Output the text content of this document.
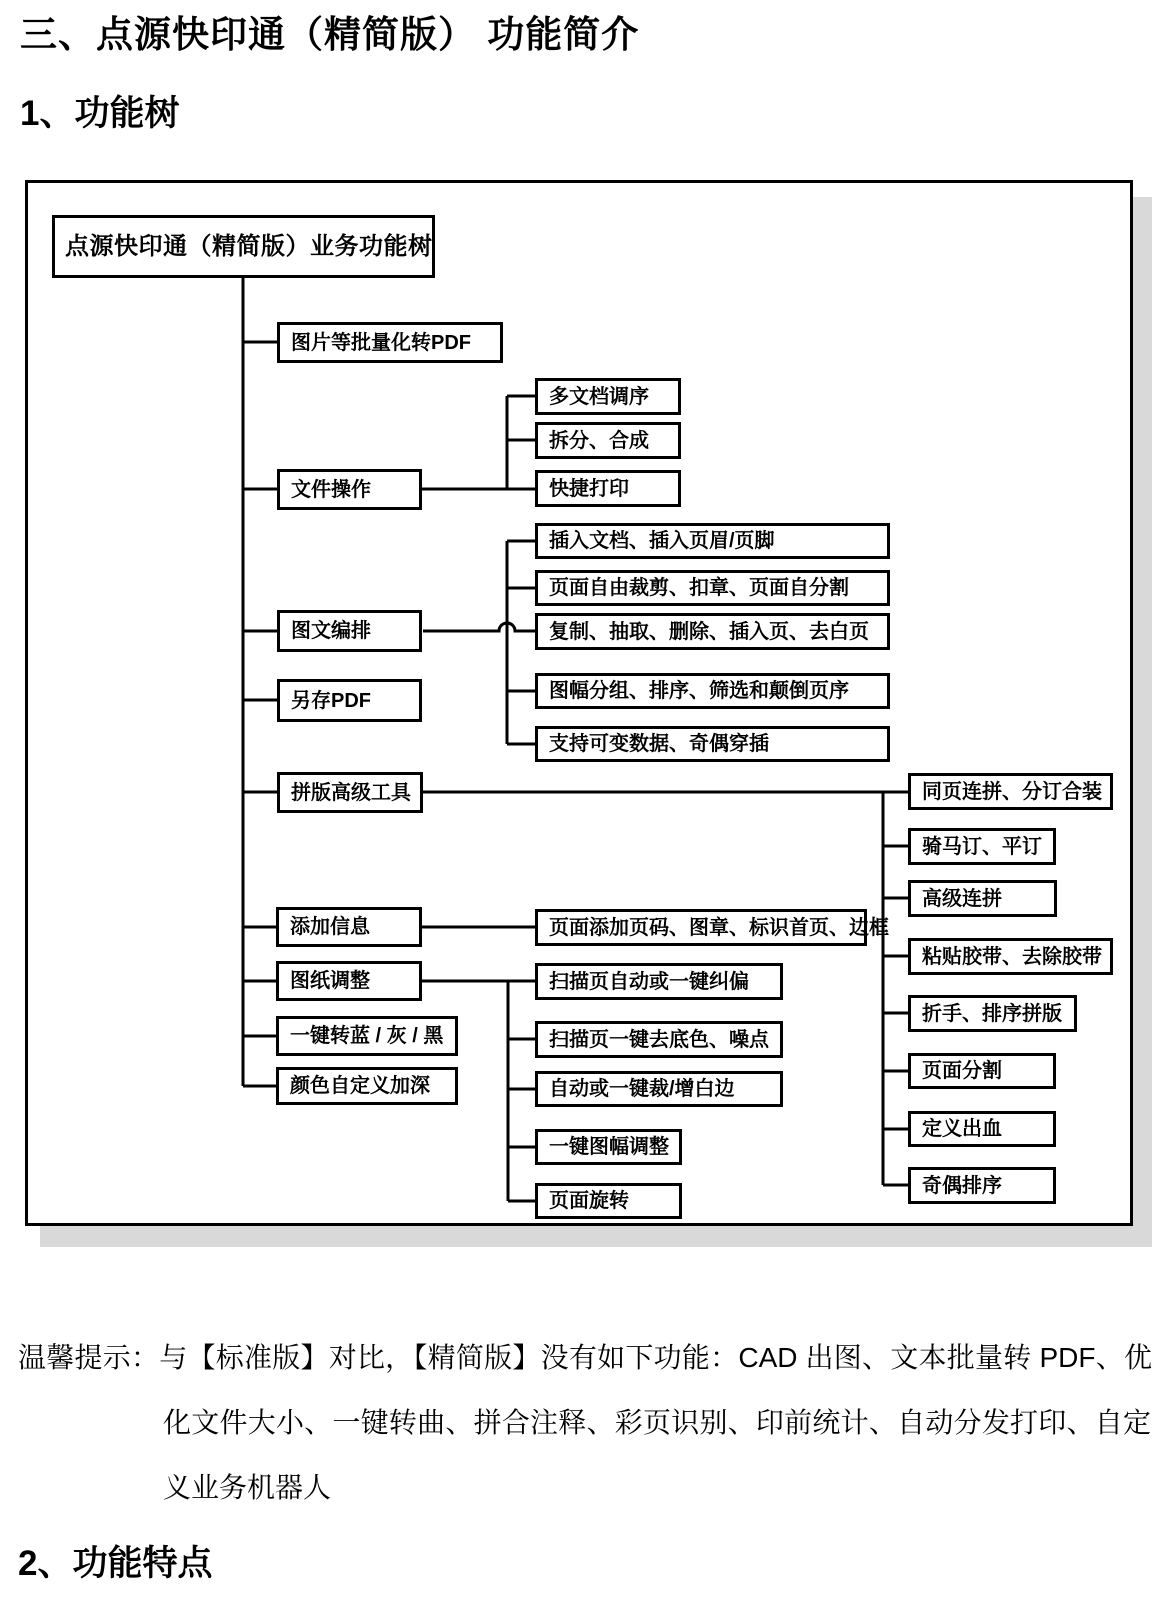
三、点源快印通（精简版） 功能简介
1、功能树
点源快印通（精简版）业务功能树
图片等批量化转PDF
文件操作
图文编排
另存PDF
拼版高级工具
添加信息
图纸调整
一键转蓝 / 灰 / 黑
颜色自定义加深
多文档调序
拆分、合成
快捷打印
插入文档、插入页眉/页脚
页面自由裁剪、扣章、页面自分割
复制、抽取、删除、插入页、去白页
图幅分组、排序、筛选和颠倒页序
支持可变数据、奇偶穿插
页面添加页码、图章、标识首页、边框
扫描页自动或一键纠偏
扫描页一键去底色、噪点
自动或一键裁/增白边
一键图幅调整
页面旋转
同页连拼、分订合装
骑马订、平订
高级连拼
粘贴胶带、去除胶带
折手、排序拼版
页面分割
定义出血
奇偶排序
温馨提示：与【标准版】对比，【精简版】没有如下功能：CAD 出图、文本批量转 PDF、优
化文件大小、一键转曲、拼合注释、彩页识别、印前统计、自动分发打印、自定
义业务机器人
2、功能特点
